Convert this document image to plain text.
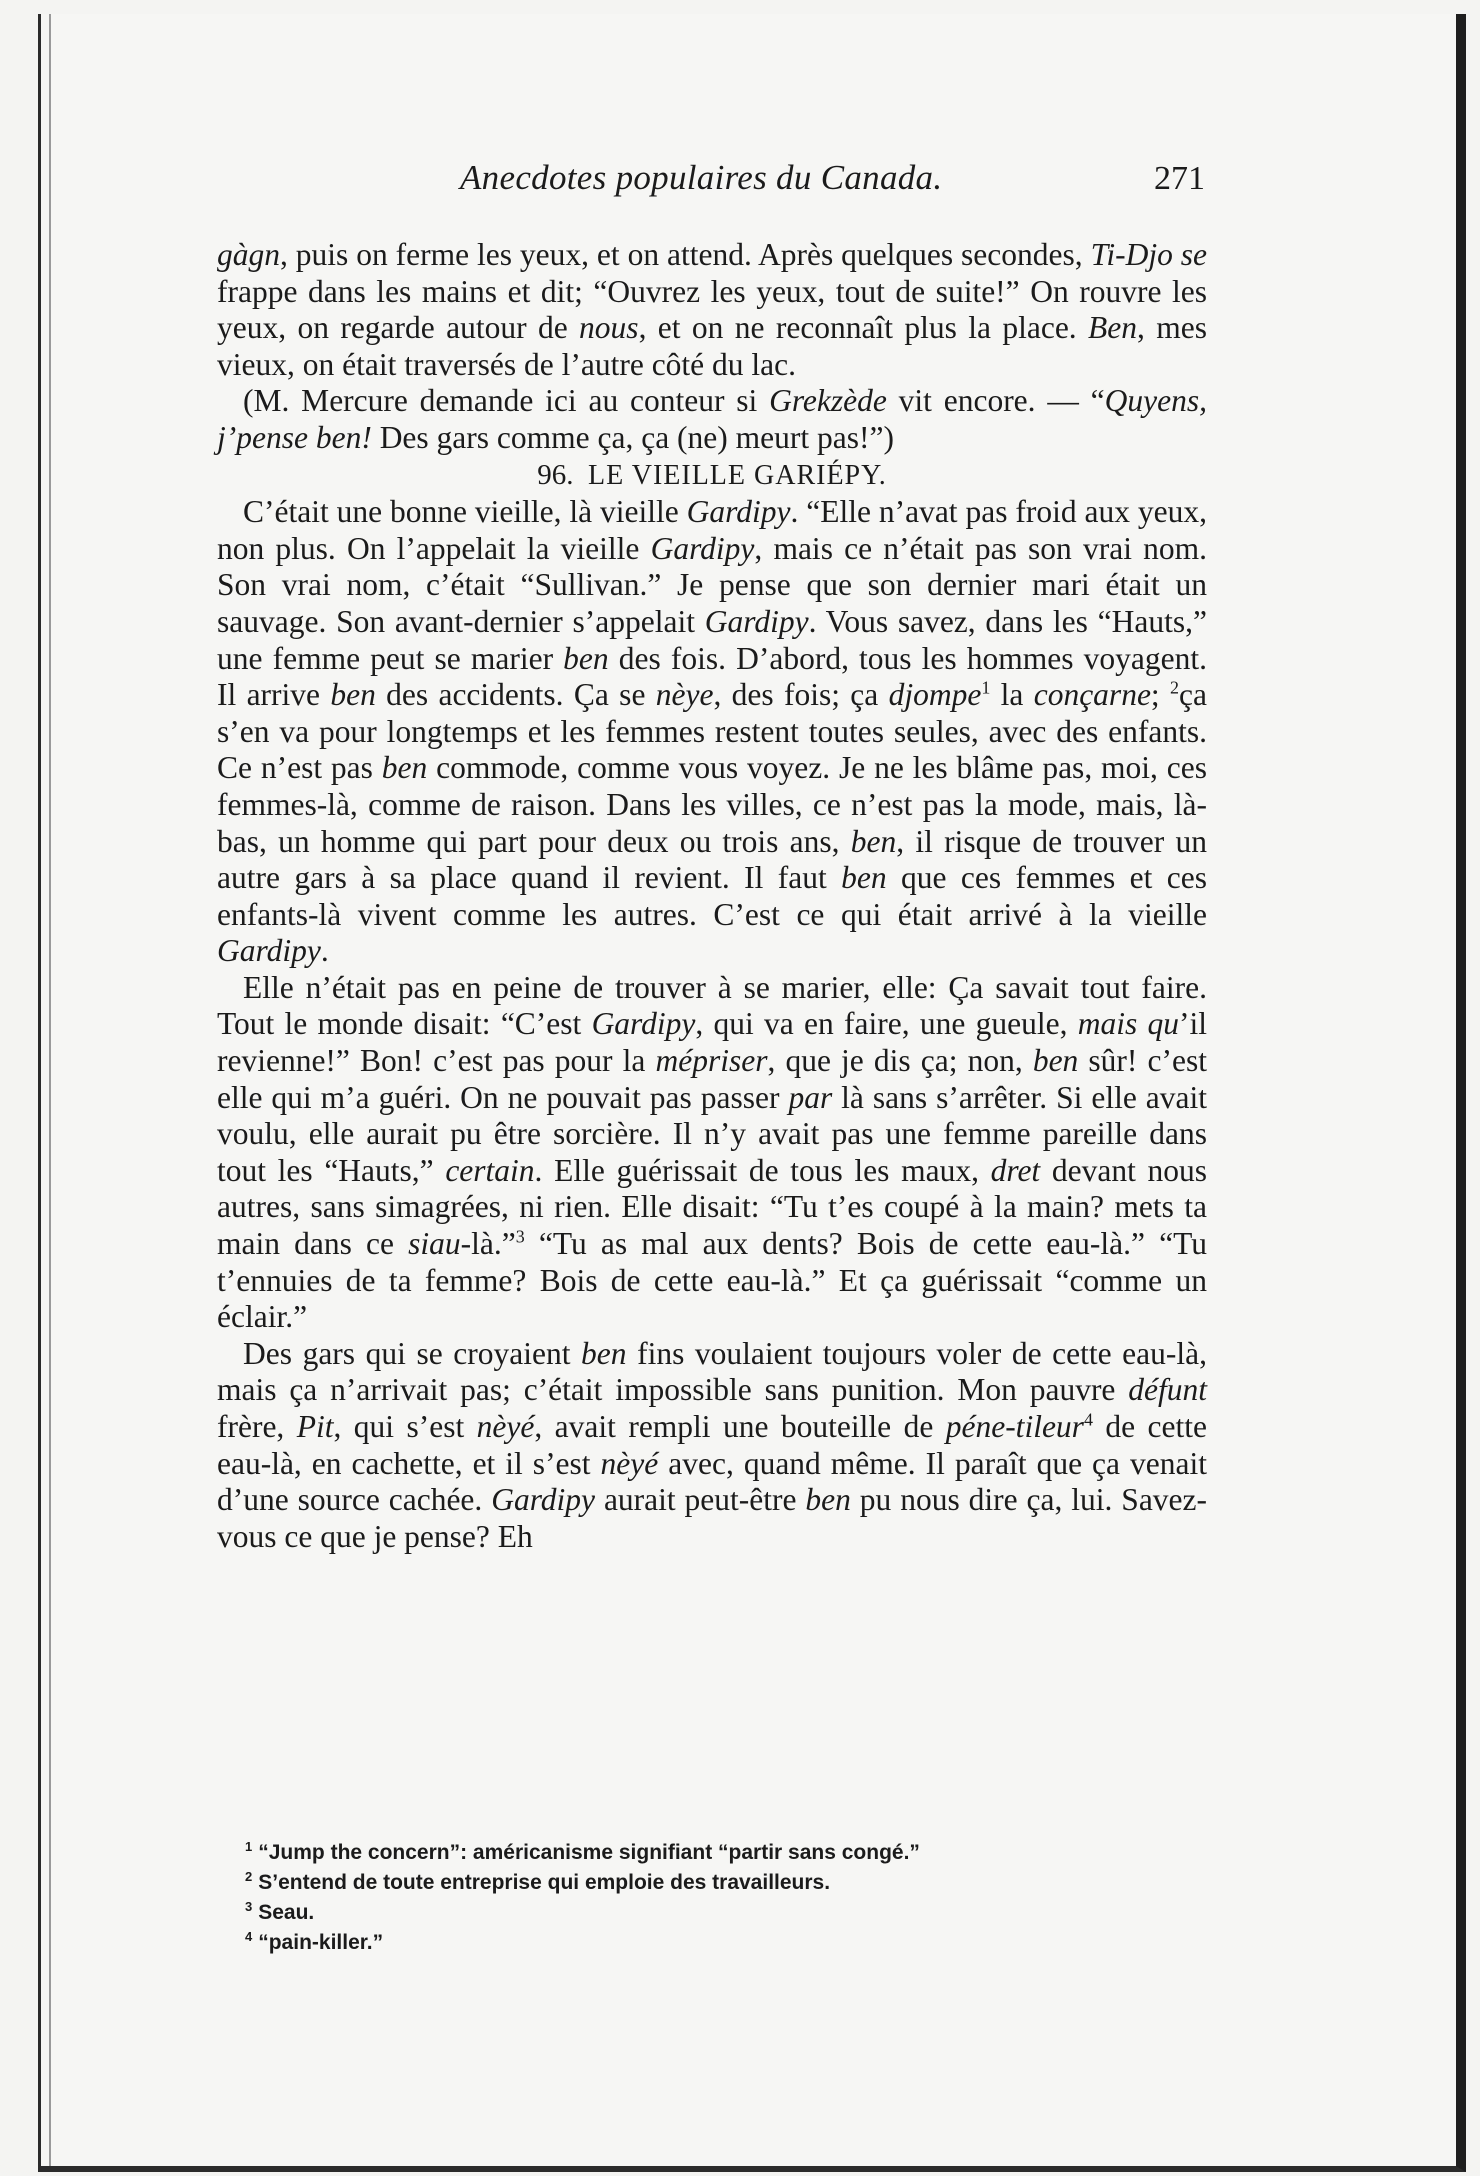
Anecdotes populaires du Canada.	271

gàgn, puis on ferme les yeux, et on attend. Après quelques secondes, Ti-Djo se frappe dans les mains et dit; “Ouvrez les yeux, tout de suite!” On rouvre les yeux, on regarde autour de nous, et on ne reconnaît plus la place. Ben, mes vieux, on était traversés de l’autre côté du lac.

(M. Mercure demande ici au conteur si Grekzède vit encore. — “Quyens, j’pense ben! Des gars comme ça, ça (ne) meurt pas!”)

96. LE VIEILLE GARIÉPY.

C’était une bonne vieille, là vieille Gardipy. “Elle n’avat pas froid aux yeux, non plus. On l’appelait la vieille Gardipy, mais ce n’était pas son vrai nom. Son vrai nom, c’était “Sullivan.” Je pense que son dernier mari était un sauvage. Son avant-dernier s’appelait Gardipy. Vous savez, dans les “Hauts,” une femme peut se marier ben des fois. D’abord, tous les hommes voyagent. Il arrive ben des accidents. Ça se nèye, des fois; ça djompe$^1$ la conçarne; $^2$ça s’en va pour longtemps et les femmes restent toutes seules, avec des enfants. Ce n’est pas ben commode, comme vous voyez. Je ne les blâme pas, moi, ces femmes-là, comme de raison. Dans les villes, ce n’est pas la mode, mais, là-bas, un homme qui part pour deux ou trois ans, ben, il risque de trouver un autre gars à sa place quand il revient. Il faut ben que ces femmes et ces enfants-là vivent comme les autres. C’est ce qui était arrivé à la vieille Gardipy.

Elle n’était pas en peine de trouver à se marier, elle: Ça savait tout faire. Tout le monde disait: “C’est Gardipy, qui va en faire, une gueule, mais qu’il revienne!” Bon! c’est pas pour la mépriser, que je dis ça; non, ben sûr! c’est elle qui m’a guéri. On ne pouvait pas passer par là sans s’arrêter. Si elle avait voulu, elle aurait pu être sorcière. Il n’y avait pas une femme pareille dans tout les “Hauts,” certain. Elle guérissait de tous les maux, dret devant nous autres, sans simagrées, ni rien. Elle disait: “Tu t’es coupé à la main? mets ta main dans ce siau-là.”$^3$ “Tu as mal aux dents? Bois de cette eau-là.” “Tu t’ennuies de ta femme? Bois de cette eau-là.” Et ça guérissait “comme un éclair.”

Des gars qui se croyaient ben fins voulaient toujours voler de cette eau-là, mais ça n’arrivait pas; c’était impossible sans punition. Mon pauvre défunt frère, Pit, qui s’est nèyé, avait rempli une bouteille de péne-tileur$^4$ de cette eau-là, en cachette, et il s’est nèyé avec, quand même. Il paraît que ça venait d’une source cachée. Gardipy aurait peut-être ben pu nous dire ça, lui. Savez-vous ce que je pense? Eh

$^1$ “Jump the concern”: américanisme signifiant “partir sans congé.”

$^2$ S’entend de toute entreprise qui emploie des travailleurs.

$^3$ Seau.

$^4$ “pain-killer.”
